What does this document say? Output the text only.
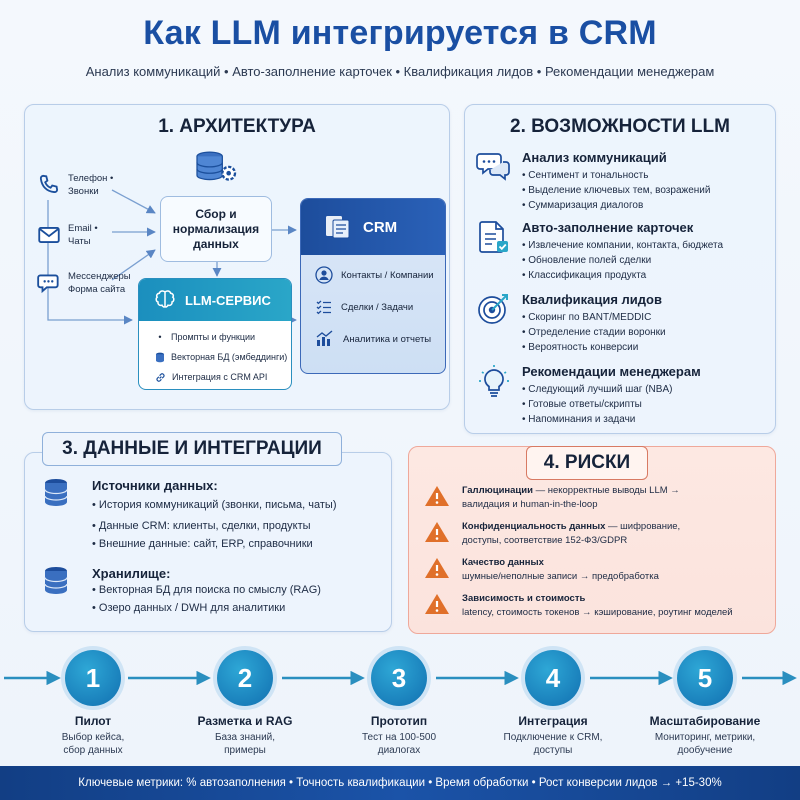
Как LLM интегрируется в CRM
Анализ коммуникаций • Авто-заполнение карточек • Квалификация лидов • Рекомендации менеджерам
1. АРХИТЕКТУРА
Телефон •
Звонки
Email •
Чаты
Мессенджеры
Форма сайта
Сбор и нормализация данных
LLM-СЕРВИС
•	Промпты и функции
Векторная БД (эмбеддинги)
Интеграция с CRM API
CRM
Контакты / Компании
Сделки / Задачи
Аналитика и отчеты
2. ВОЗМОЖНОСТИ LLM
Анализ коммуникаций
• Сентимент и тональность
• Выделение ключевых тем, возражений
• Суммаризация диалогов
Авто-заполнение карточек
• Извлечение компании, контакта, бюджета
• Обновление полей сделки
• Классификация продукта
Квалификация лидов
• Скоринг по BANT/MEDDIC
• Отределение стадии воронки
• Вероятность конверсии
Рекомендации менеджерам
• Следующий лучший шаг (NBA)
• Готовые ответы/скрипты
• Напоминания и задачи
3. ДАННЫЕ И ИНТЕГРАЦИИ
Источники данных:
• История коммуникаций (звонки, письма, чаты)
• Данные CRM: клиенты, сделки, продукты
• Внешние данные: сайт, ERP, справочники
Хранилище:
• Векторная БД для поиска по смыслу (RAG)
• Озеро данных / DWH для аналитики
4. РИСКИ
Галлюцинации — некорректные выводы LLM →
валидация и human-in-the-loop
Конфиденциальность данных — шифрование,
доступы, соответствие 152-ФЗ/GDPR
Качество данных
шумные/неполные записи → предобработка
Зависимость и стоимость
latency, стоимость токенов → кэширование, роутинг моделей
1
Пилот
Выбор кейса,
сбор данных
2
Разметка и RAG
База знаний,
примеры
3
Прототип
Тест на 100-500
диалогах
4
Интеграция
Подключение к CRM,
доступы
5
Масштабирование
Мониторинг, метрики,
дообучение
Ключевые метрики: % автозаполнения • Точность квалификации • Время обработки • Рост конверсии лидов → +15-30%
